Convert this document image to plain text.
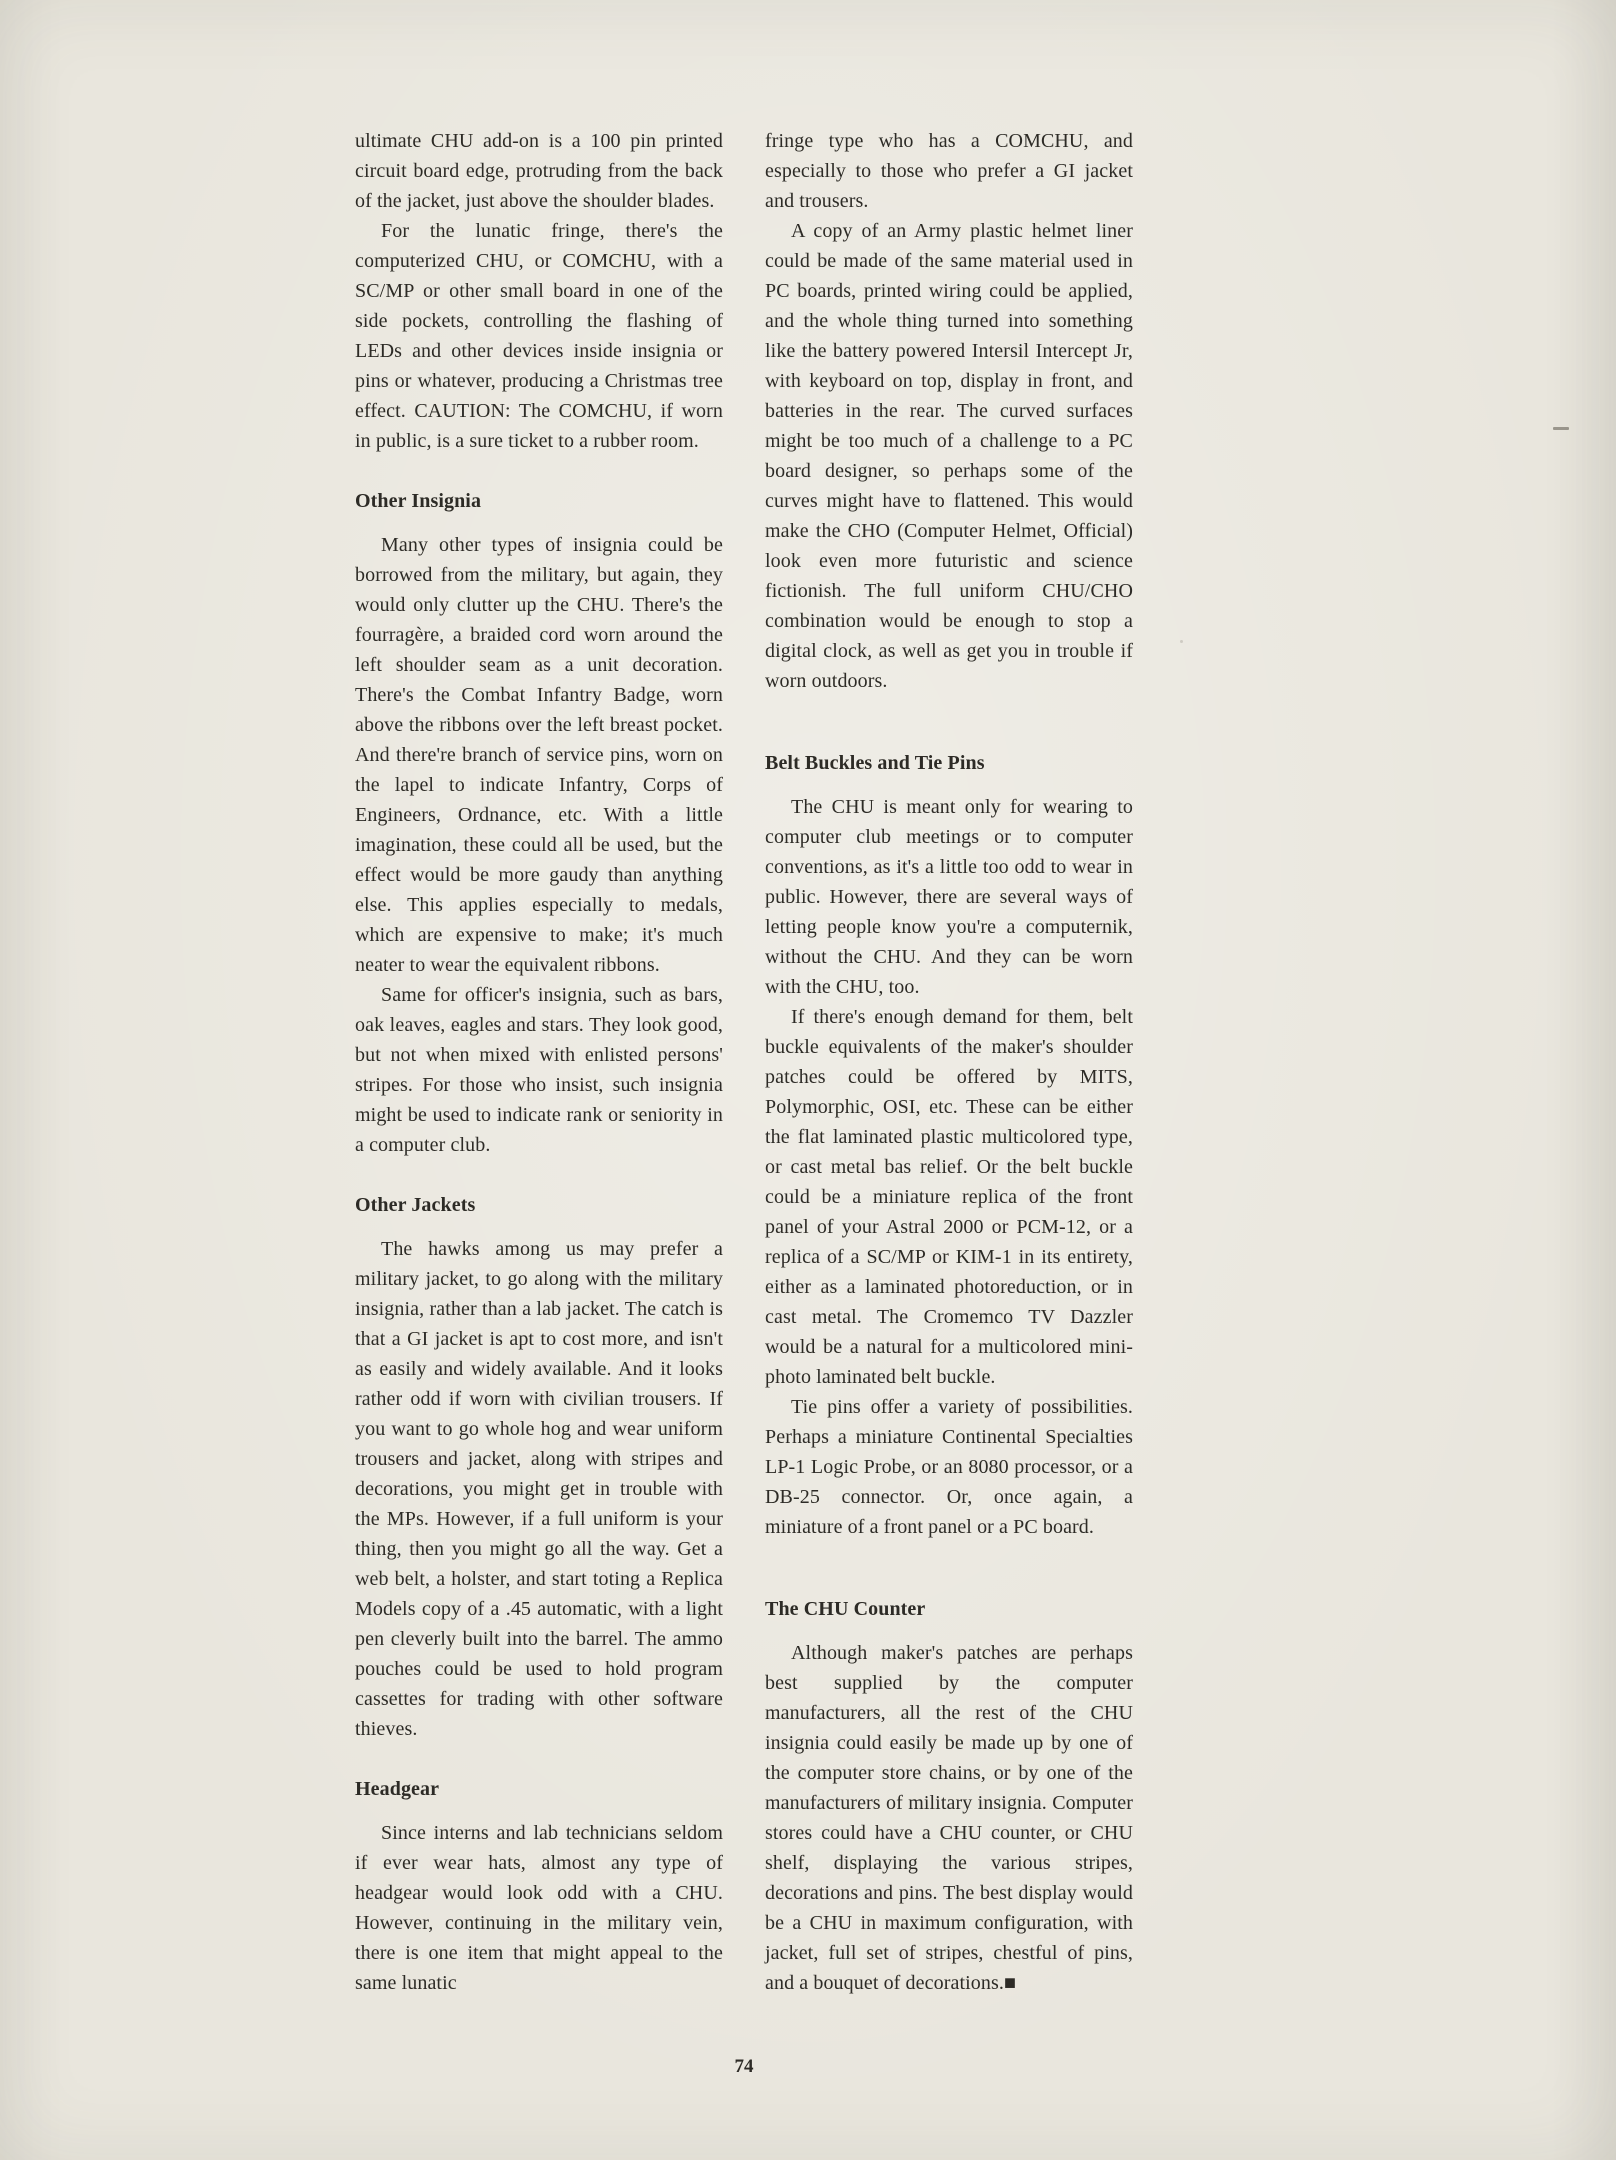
ultimate CHU add-on is a 100 pin printed circuit board edge, protruding from the back of the jacket, just above the shoulder blades.

For the lunatic fringe, there's the computerized CHU, or COMCHU, with a SC/MP or other small board in one of the side pockets, controlling the flashing of LEDs and other devices inside insignia or pins or whatever, producing a Christmas tree effect. CAUTION: The COMCHU, if worn in public, is a sure ticket to a rubber room.

Other Insignia

Many other types of insignia could be borrowed from the military, but again, they would only clutter up the CHU. There's the fourragère, a braided cord worn around the left shoulder seam as a unit decoration. There's the Combat Infantry Badge, worn above the ribbons over the left breast pocket. And there're branch of service pins, worn on the lapel to indicate Infantry, Corps of Engineers, Ordnance, etc. With a little imagination, these could all be used, but the effect would be more gaudy than anything else. This applies especially to medals, which are expensive to make; it's much neater to wear the equivalent ribbons.

Same for officer's insignia, such as bars, oak leaves, eagles and stars. They look good, but not when mixed with enlisted persons' stripes. For those who insist, such insignia might be used to indicate rank or seniority in a computer club.

Other Jackets

The hawks among us may prefer a military jacket, to go along with the military insignia, rather than a lab jacket. The catch is that a GI jacket is apt to cost more, and isn't as easily and widely available. And it looks rather odd if worn with civilian trousers. If you want to go whole hog and wear uniform trousers and jacket, along with stripes and decorations, you might get in trouble with the MPs. However, if a full uniform is your thing, then you might go all the way. Get a web belt, a holster, and start toting a Replica Models copy of a .45 automatic, with a light pen cleverly built into the barrel. The ammo pouches could be used to hold program cassettes for trading with other software thieves.

Headgear

Since interns and lab technicians seldom if ever wear hats, almost any type of headgear would look odd with a CHU. However, continuing in the military vein, there is one item that might appeal to the same lunatic

fringe type who has a COMCHU, and especially to those who prefer a GI jacket and trousers.

A copy of an Army plastic helmet liner could be made of the same material used in PC boards, printed wiring could be applied, and the whole thing turned into something like the battery powered Intersil Intercept Jr, with keyboard on top, display in front, and batteries in the rear. The curved surfaces might be too much of a challenge to a PC board designer, so perhaps some of the curves might have to flattened. This would make the CHO (Computer Helmet, Official) look even more futuristic and science fictionish. The full uniform CHU/CHO combination would be enough to stop a digital clock, as well as get you in trouble if worn outdoors.

Belt Buckles and Tie Pins

The CHU is meant only for wearing to computer club meetings or to computer conventions, as it's a little too odd to wear in public. However, there are several ways of letting people know you're a computernik, without the CHU. And they can be worn with the CHU, too.

If there's enough demand for them, belt buckle equivalents of the maker's shoulder patches could be offered by MITS, Polymorphic, OSI, etc. These can be either the flat laminated plastic multicolored type, or cast metal bas relief. Or the belt buckle could be a miniature replica of the front panel of your Astral 2000 or PCM-12, or a replica of a SC/MP or KIM-1 in its entirety, either as a laminated photoreduction, or in cast metal. The Cromemco TV Dazzler would be a natural for a multicolored mini-photo laminated belt buckle.

Tie pins offer a variety of possibilities. Perhaps a miniature Continental Specialties LP-1 Logic Probe, or an 8080 processor, or a DB-25 connector. Or, once again, a miniature of a front panel or a PC board.

The CHU Counter

Although maker's patches are perhaps best supplied by the computer manufacturers, all the rest of the CHU insignia could easily be made up by one of the computer store chains, or by one of the manufacturers of military insignia. Computer stores could have a CHU counter, or CHU shelf, displaying the various stripes, decorations and pins. The best display would be a CHU in maximum configuration, with jacket, full set of stripes, chestful of pins, and a bouquet of decorations.■

74
